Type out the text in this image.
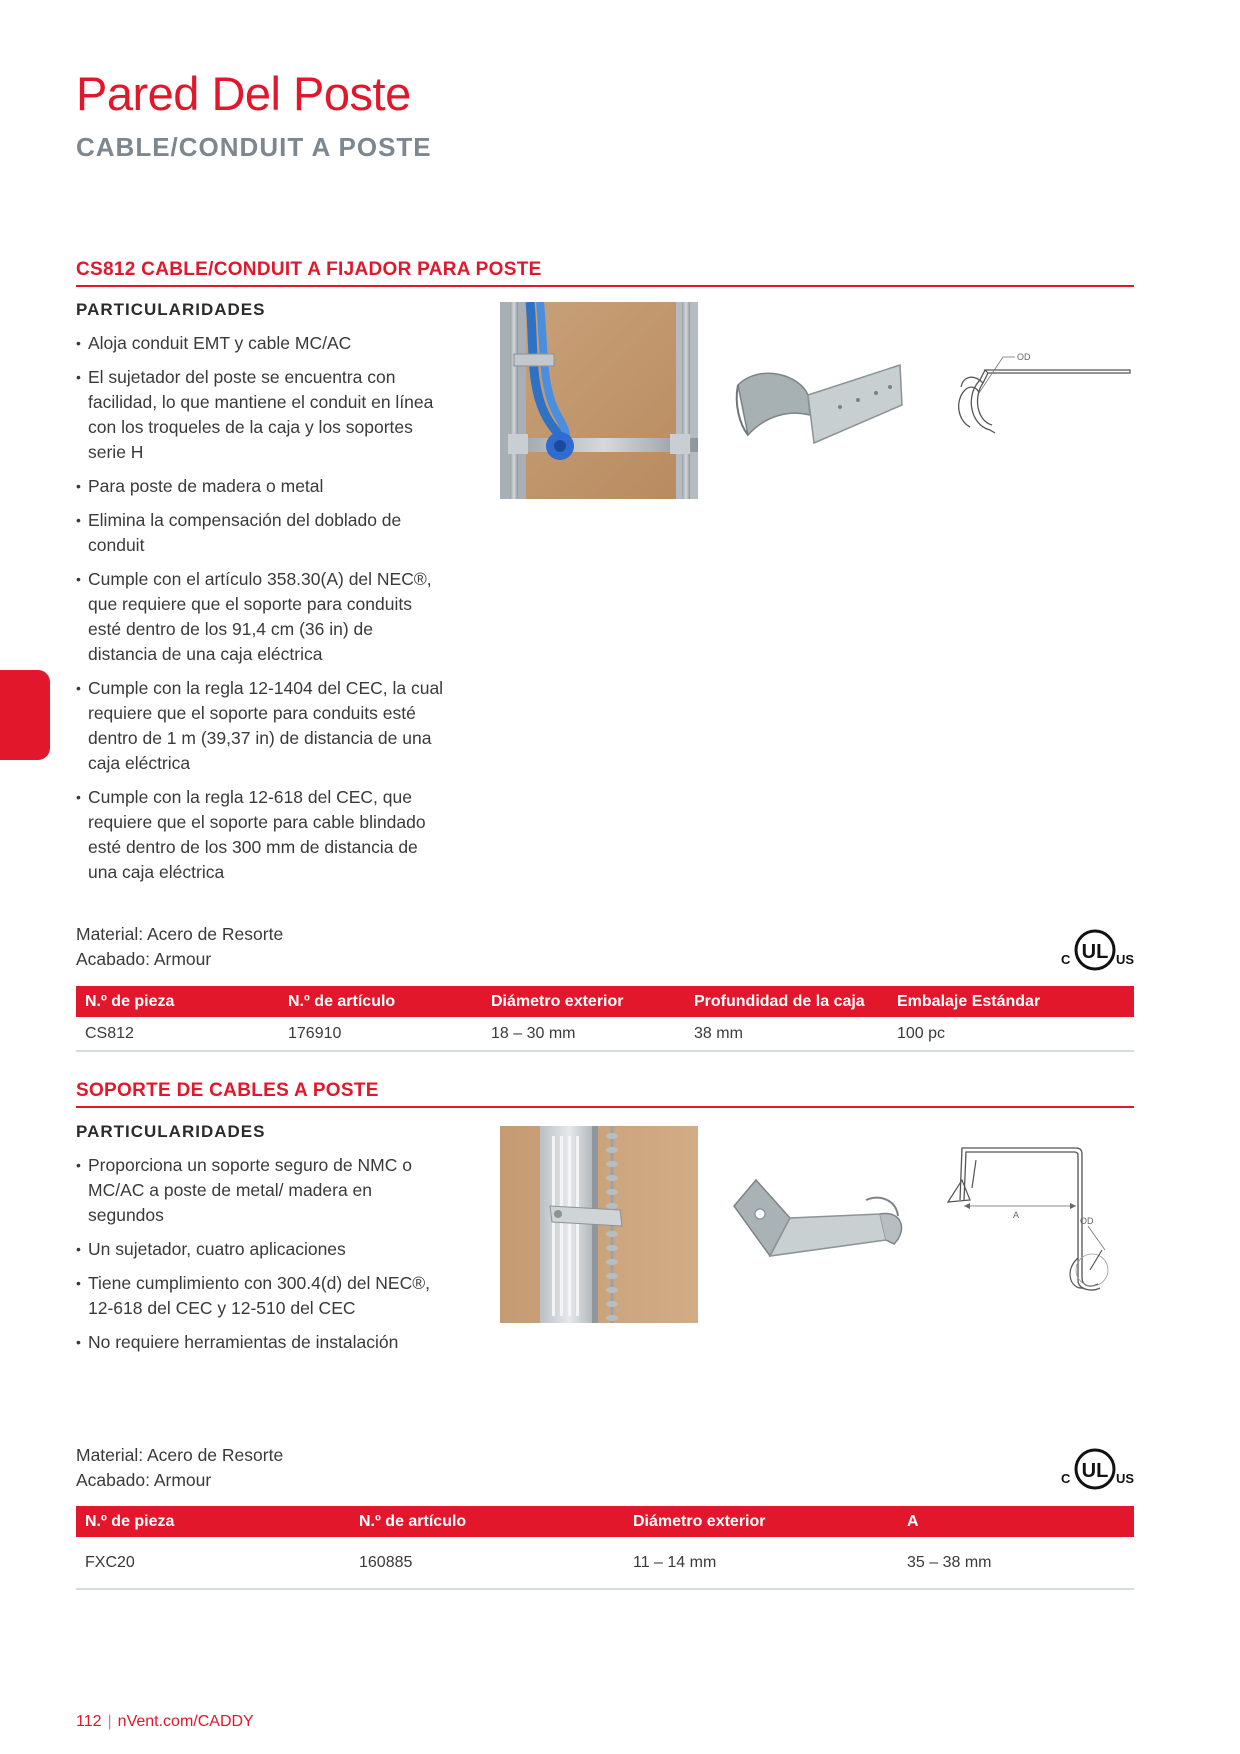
Pared Del Poste
CABLE/CONDUIT A POSTE
CS812 CABLE/CONDUIT A FIJADOR PARA POSTE
PARTICULARIDADES
• Aloja conduit EMT y cable MC/AC
• El sujetador del poste se encuentra con facilidad, lo que mantiene el conduit en línea con los troqueles de la caja y los soportes serie H
• Para poste de madera o metal
• Elimina la compensación del doblado de conduit
• Cumple con el artículo 358.30(A) del NEC®, que requiere que el soporte para conduits esté dentro de los 91,4 cm (36 in) de distancia de una caja eléctrica
• Cumple con la regla 12-1404 del CEC, la cual requiere que el soporte para conduits esté dentro de 1 m (39,37 in) de distancia de una caja eléctrica
• Cumple con la regla 12-618 del CEC, que requiere que el soporte para cable blindado esté dentro de los 300 mm de distancia de una caja eléctrica
OD
Material: Acero de Resorte
Acabado: Armour	UL
C	US
N.º de pieza	N.º de artículo	Diámetro exterior	Profundidad de la caja	Embalaje Estándar
CS812	176910	18 – 30 mm	38 mm	100 pc
SOPORTE DE CABLES A POSTE
PARTICULARIDADES
• Proporciona un soporte seguro de NMC o MC/AC a poste de metal/ madera en segundos
• Un sujetador, cuatro aplicaciones
• Tiene cumplimiento con 300.4(d) del NEC®, 12-618 del CEC y 12-510 del CEC
• No requiere herramientas de instalación
A
OD
Material: Acero de Resorte
Acabado: Armour	UL
C	US
N.º de pieza	N.º de artículo	Diámetro exterior	A
FXC20	160885	11 – 14 mm	35 – 38 mm
112 | nVent.com/CADDY
